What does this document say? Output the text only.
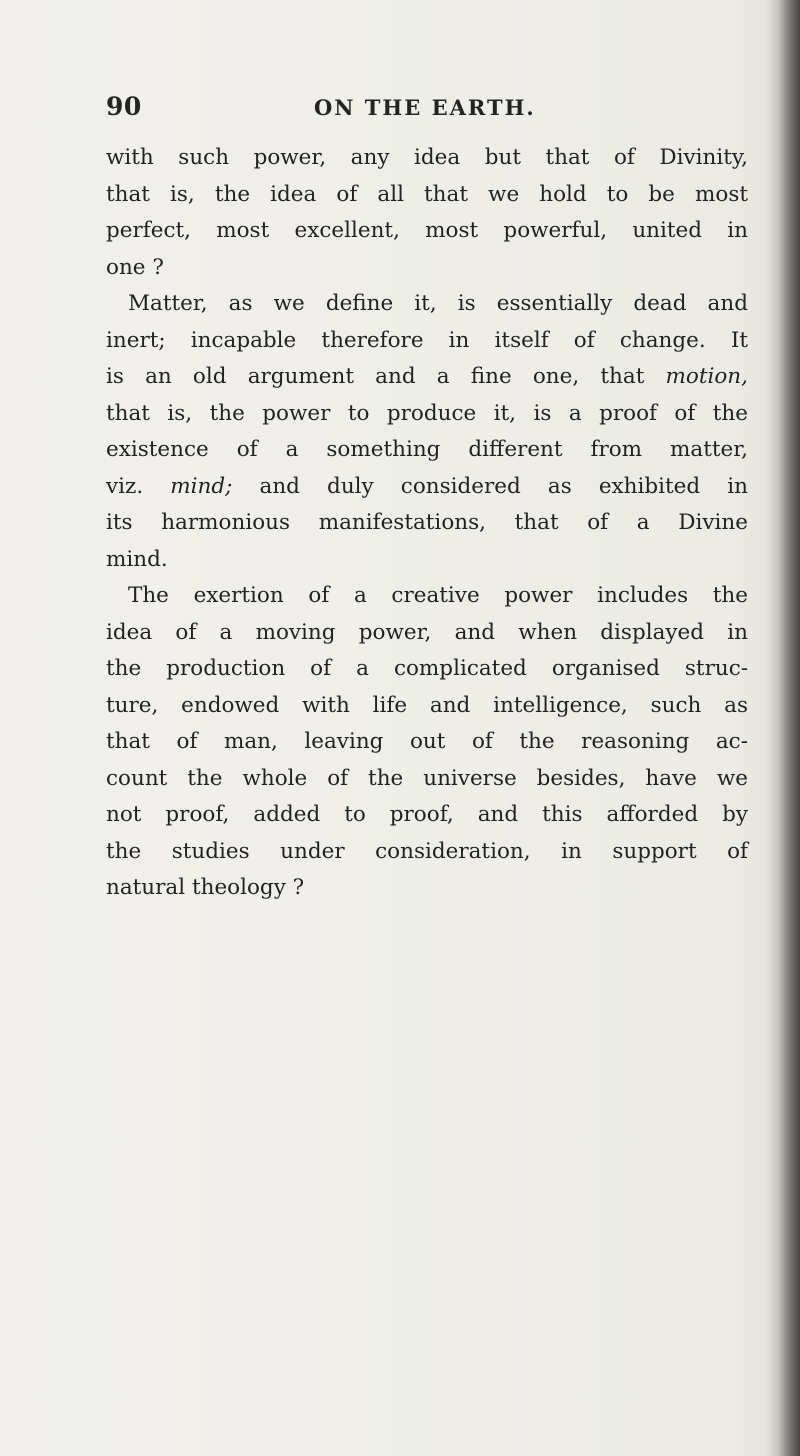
90	ON THE EARTH.
with such power, any idea but that of Divinity,
that is, the idea of all that we hold to be most
perfect, most excellent, most powerful, united in
one ?
Matter, as we define it, is essentially dead and
inert; incapable therefore in itself of change. It
is an old argument and a fine one, that motion,
that is, the power to produce it, is a proof of the
existence of a something different from matter,
viz. mind; and duly considered as exhibited in
its harmonious manifestations, that of a Divine
mind.
The exertion of a creative power includes the
idea of a moving power, and when displayed in
the production of a complicated organised struc-
ture, endowed with life and intelligence, such as
that of man, leaving out of the reasoning ac-
count the whole of the universe besides, have we
not proof, added to proof, and this afforded by
the studies under consideration, in support of
natural theology ?
